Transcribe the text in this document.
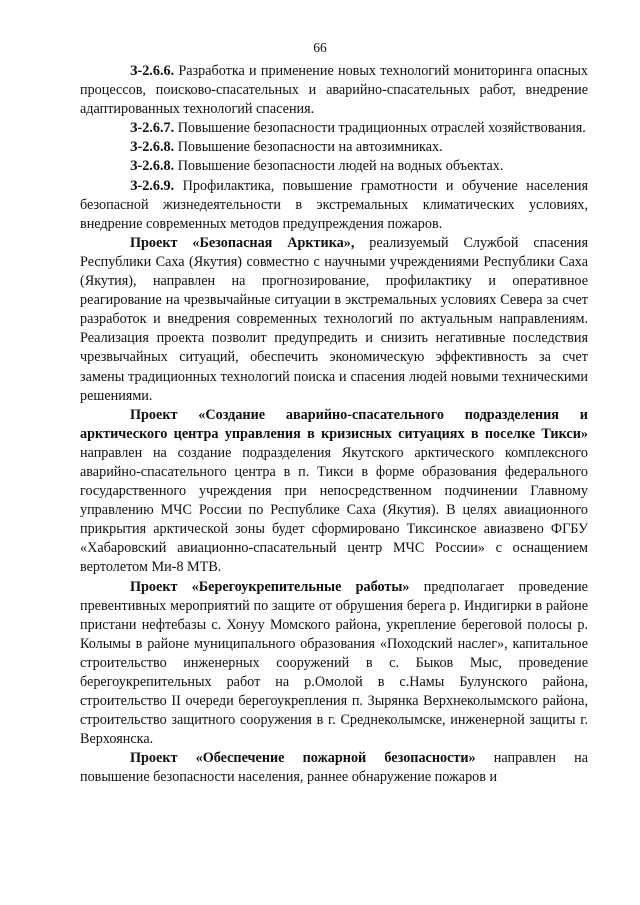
66

З-2.6.6. Разработка и применение новых технологий мониторинга опасных процессов, поисково-спасательных и аварийно-спасательных работ, внедрение адаптированных технологий спасения.

З-2.6.7. Повышение безопасности традиционных отраслей хозяйствования.

З-2.6.8. Повышение безопасности на автозимниках.

З-2.6.8. Повышение безопасности людей на водных объектах.

З-2.6.9. Профилактика, повышение грамотности и обучение населения безопасной жизнедеятельности в экстремальных климатических условиях, внедрение современных методов предупреждения пожаров.

Проект «Безопасная Арктика», реализуемый Службой спасения Республики Саха (Якутия) совместно с научными учреждениями Республики Саха (Якутия), направлен на прогнозирование, профилактику и оперативное реагирование на чрезвычайные ситуации в экстремальных условиях Севера за счет разработок и внедрения современных технологий по актуальным направлениям. Реализация проекта позволит предупредить и снизить негативные последствия чрезвычайных ситуаций, обеспечить экономическую эффективность за счет замены традиционных технологий поиска и спасения людей новыми техническими решениями.

Проект «Создание аварийно-спасательного подразделения и арктического центра управления в кризисных ситуациях в поселке Тикси» направлен на создание подразделения Якутского арктического комплексного аварийно-спасательного центра в п. Тикси в форме образования федерального государственного учреждения при непосредственном подчинении Главному управлению МЧС России по Республике Саха (Якутия). В целях авиационного прикрытия арктической зоны будет сформировано Тиксинское авиазвено ФГБУ «Хабаровский авиационно-спасательный центр МЧС России» с оснащением вертолетом Ми-8 МТВ.

Проект «Берегоукрепительные работы» предполагает проведение превентивных мероприятий по защите от обрушения берега р. Индигирки в районе пристани нефтебазы с. Хонуу Момского района, укрепление береговой полосы р. Колымы в районе муниципального образования «Походский наслег», капитальное строительство инженерных сооружений в с. Быков Мыс, проведение берегоукрепительных работ на р.Омолой в с.Намы Булунского района, строительство II очереди берегоукрепления п. Зырянка Верхнеколымского района, строительство защитного сооружения в г. Среднеколымске, инженерной защиты г. Верхоянска.

Проект «Обеспечение пожарной безопасности» направлен на повышение безопасности населения, раннее обнаружение пожаров и
